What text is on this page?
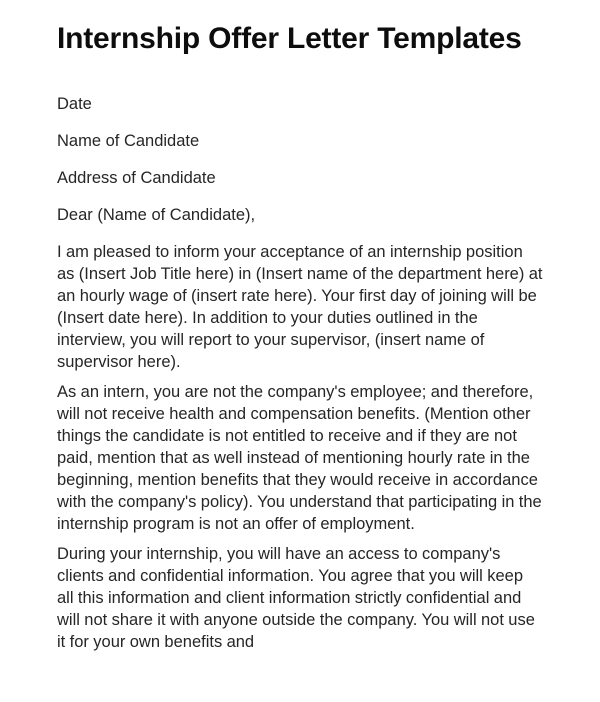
Internship Offer Letter Templates
Date
Name of Candidate
Address of Candidate
Dear (Name of Candidate),

I am pleased to inform your acceptance of an internship position as (Insert Job Title here) in (Insert name of the department here) at an hourly wage of (insert rate here). Your first day of joining will be (Insert date here). In addition to your duties outlined in the interview, you will report to your supervisor, (insert name of supervisor here).

As an intern, you are not the company's employee; and therefore, will not receive health and compensation benefits. (Mention other things the candidate is not entitled to receive and if they are not paid, mention that as well instead of mentioning hourly rate in the beginning, mention benefits that they would receive in accordance with the company's policy). You understand that participating in the internship program is not an offer of employment.

During your internship, you will have an access to company's clients and confidential information. You agree that you will keep all this information and client information strictly confidential and will not share it with anyone outside the company. You will not use it for your own benefits and
